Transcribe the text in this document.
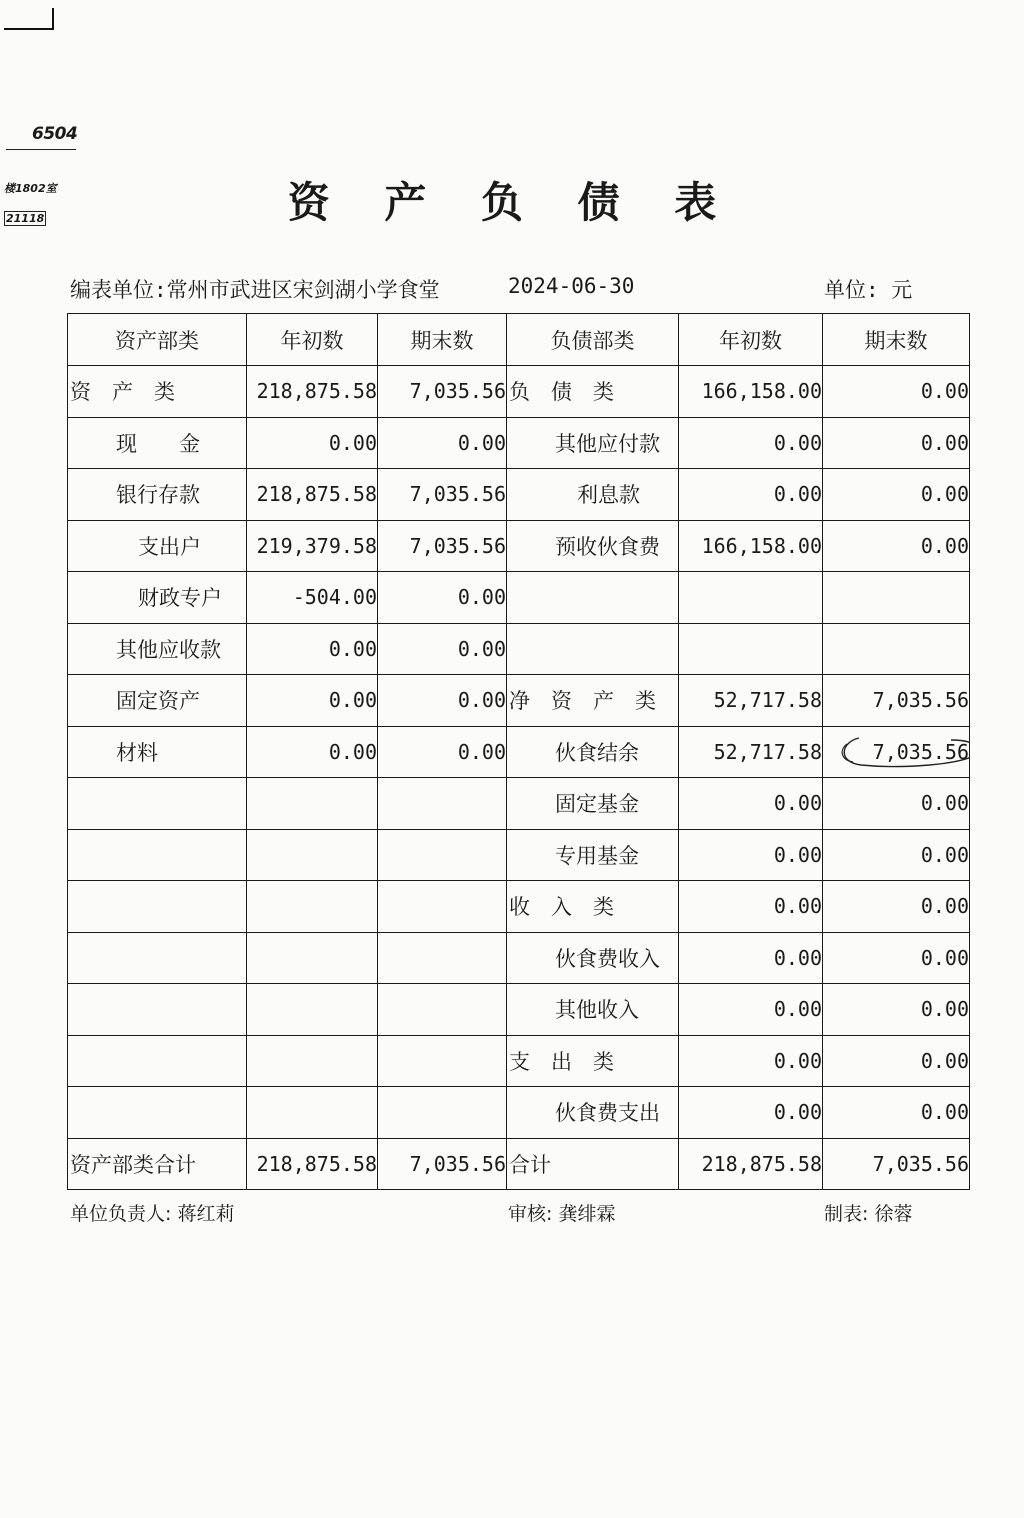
6504
楼1802室
21118	资 产 负 债 表
编表单位:常州市武进区宋剑湖小学食堂	2024-06-30	单位: 元
资产部类	年初数	期末数	负债部类	年初数	期末数
资　产　类	218,875.58	7,035.56	负　债　类	166,158.00	0.00
现　　金	0.00	0.00	其他应付款	0.00	0.00
银行存款	218,875.58	7,035.56	利息款	0.00	0.00
支出户	219,379.58	7,035.56	预收伙食费	166,158.00	0.00
财政专户	-504.00	0.00			
其他应收款	0.00	0.00			
固定资产	0.00	0.00	净　资　产　类	52,717.58	7,035.56
材料	0.00	0.00	伙食结余	52,717.58	7,035.56
			固定基金	0.00	0.00
			专用基金	0.00	0.00
			收　入　类	0.00	0.00
			伙食费收入	0.00	0.00
			其他收入	0.00	0.00
			支　出　类	0.00	0.00
			伙食费支出	0.00	0.00
资产部类合计	218,875.58	7,035.56	合计	218,875.58	7,035.56
单位负责人: 蒋红莉	审核: 龚绯霖	制表: 徐蓉
